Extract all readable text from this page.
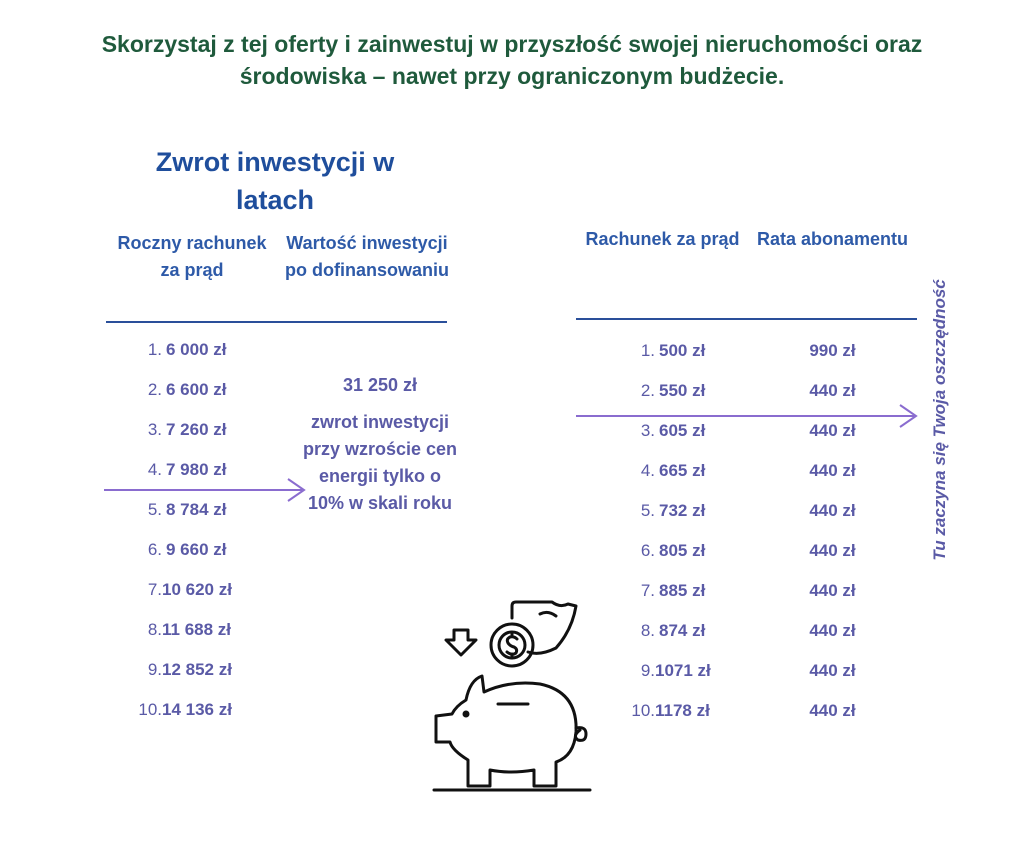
Skorzystaj z tej oferty i zainwestuj w przyszłość swojej nieruchomości oraz środowiska – nawet przy ograniczonym budżecie.
Zwrot inwestycji w latach
Roczny rachunek za prąd
Wartość inwestycji po dofinansowaniu
Rachunek za prąd Rata abonamentu
1. 6 000 zł
2. 6 600 zł
3. 7 260 zł
4. 7 980 zł
5. 8 784 zł
6. 9 660 zł
7.10 620 zł
8.11 688 zł
9.12 852 zł
10.14 136 zł
31 250 zł
zwrot inwestycji przy wzroście cen energii tylko o 10% w skali roku
1. 500 zł
2. 550 zł
3. 605 zł
4. 665 zł
5. 732 zł
6. 805 zł
7. 885 zł
8. 874 zł
9.1071 zł
10.1178 zł
990 zł
440 zł
440 zł
440 zł
440 zł
440 zł
440 zł
440 zł
440 zł
440 zł
Tu zaczyna się Twoja oszczędność
